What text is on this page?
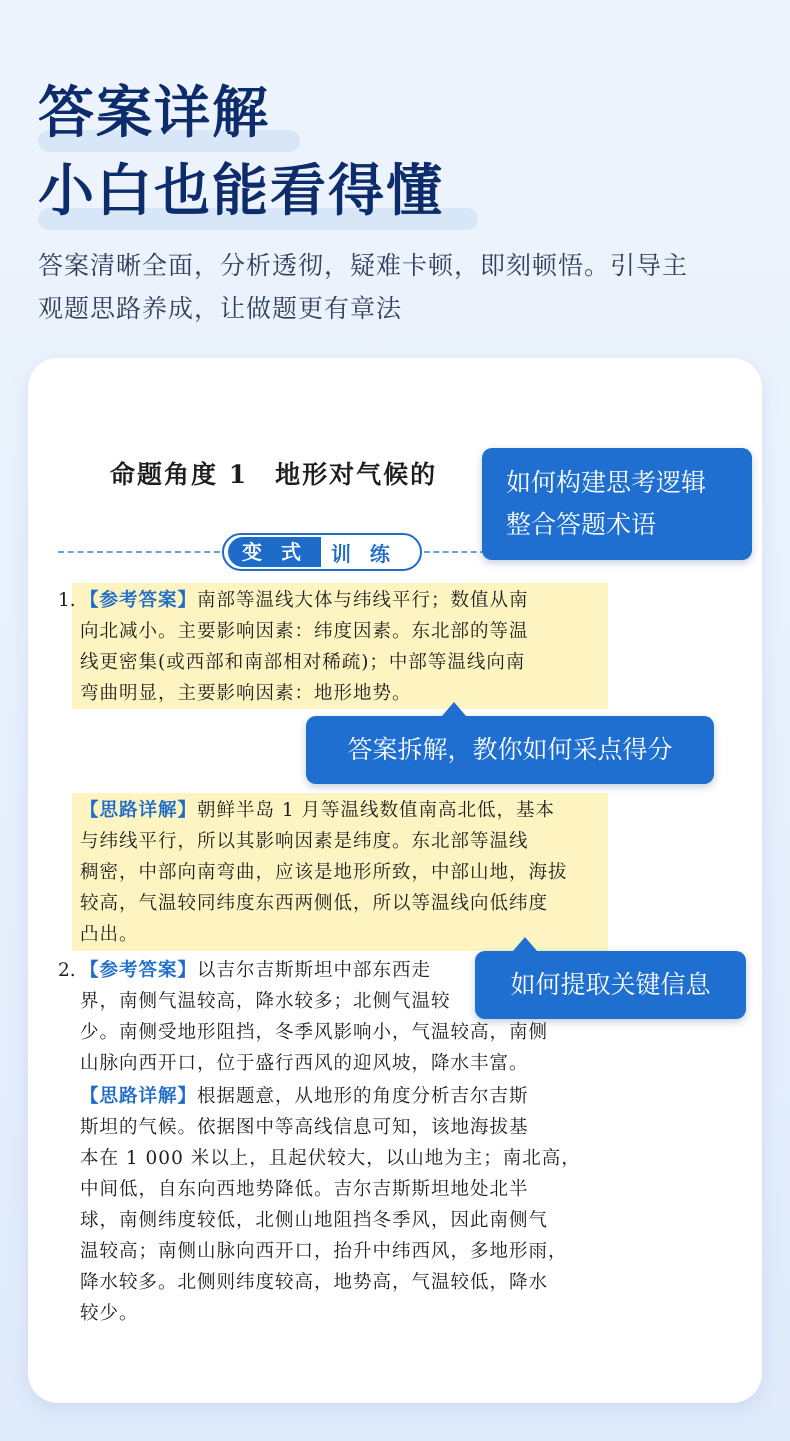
答案详解
小白也能看得懂
答案清晰全面，分析透彻，疑难卡顿，即刻顿悟。引导主
观题思路养成，让做题更有章法
命题角度 1　地形对气候的
变 式	训 练
1. 【参考答案】南部等温线大体与纬线平行；数值从南
向北减小。主要影响因素：纬度因素。东北部的等温
线更密集(或西部和南部相对稀疏)；中部等温线向南
弯曲明显，主要影响因素：地形地势。
【思路详解】朝鲜半岛 1 月等温线数值南高北低，基本
与纬线平行，所以其影响因素是纬度。东北部等温线
稠密，中部向南弯曲，应该是地形所致，中部山地，海拔
较高，气温较同纬度东西两侧低，所以等温线向低纬度
凸出。
2. 【参考答案】以吉尔吉斯斯坦中部东西走
界，南侧气温较高，降水较多；北侧气温较
少。南侧受地形阻挡，冬季风影响小，气温较高，南侧
山脉向西开口，位于盛行西风的迎风坡，降水丰富。
【思路详解】根据题意，从地形的角度分析吉尔吉斯
斯坦的气候。依据图中等高线信息可知，该地海拔基
本在 1 000 米以上，且起伏较大，以山地为主；南北高，
中间低，自东向西地势降低。吉尔吉斯斯坦地处北半
球，南侧纬度较低，北侧山地阻挡冬季风，因此南侧气
温较高；南侧山脉向西开口，抬升中纬西风，多地形雨，
降水较多。北侧则纬度较高，地势高，气温较低，降水
较少。
如何构建思考逻辑
整合答题术语
答案拆解，教你如何采点得分
如何提取关键信息
